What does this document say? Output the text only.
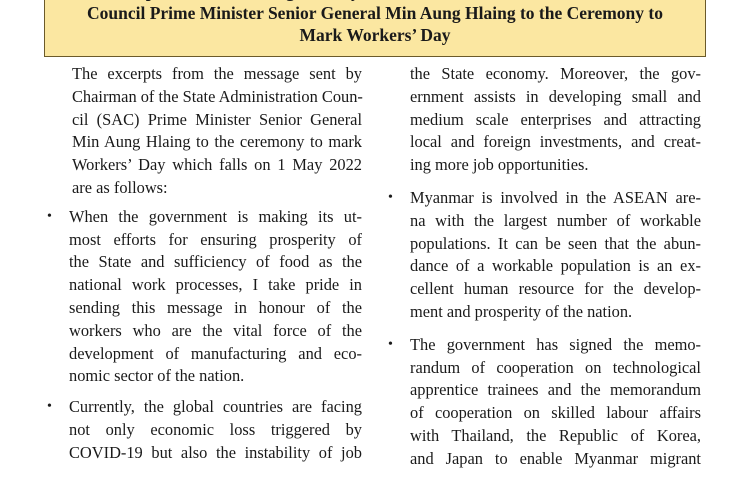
Council Prime Minister Senior General Min Aung Hlaing to the Ceremony to
Mark Workers’ Day
The excerpts from the message sent by
Chairman of the State Administration Coun-
cil (SAC) Prime Minister Senior General
Min Aung Hlaing to the ceremony to mark
Workers’ Day which falls on 1 May 2022
are as follows:
• When the government is making its ut-
most efforts for ensuring prosperity of
the State and sufficiency of food as the
national work processes, I take pride in
sending this message in honour of the
workers who are the vital force of the
development of manufacturing and eco-
nomic sector of the nation.
• Currently, the global countries are facing
not only economic loss triggered by
COVID-19 but also the instability of job
the State economy. Moreover, the gov-
ernment assists in developing small and
medium scale enterprises and attracting
local and foreign investments, and creat-
ing more job opportunities.
• Myanmar is involved in the ASEAN are-
na with the largest number of workable
populations. It can be seen that the abun-
dance of a workable population is an ex-
cellent human resource for the develop-
ment and prosperity of the nation.
• The government has signed the memo-
randum of cooperation on technological
apprentice trainees and the memorandum
of cooperation on skilled labour affairs
with Thailand, the Republic of Korea,
and Japan to enable Myanmar migrant
